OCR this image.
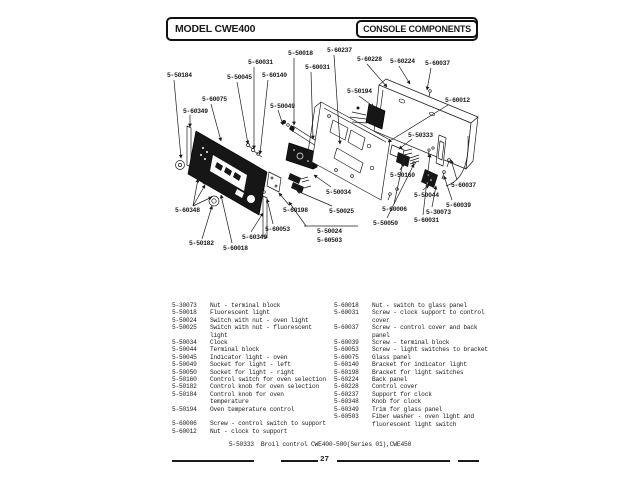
MODEL CWE400	CONSOLE COMPONENTS
5-50184
5-60075
5-60349
5-50045
5-60031
5-60140
5-50049
5-50018
5-60031
5-60237
5-60228 5-60224 5-60037
5-50194
5-60012
5-50333
5-60348
5-50182
5-60018
5-60349
5-60053
5-60198
5-50034
5-50025
5-50024
5-60503
5-50160
5-50044
5-60037
5-60039
5-30073
5-60031
5-60006
5-50050
5-30073	Nut - terminal block
5-50018	Fluorescent light
5-50024	Switch with nut - oven light
5-50025	Switch with nut - fluorescent
light
5-50034	Clock
5-50044	Terminal block
5-50045	Indicator light - oven
5-50049	Socket for light - left
5-50050	Socket for light - right
5-50160	Control switch for oven selection
5-50182	Control knob for oven selection
5-50184	Control knob for oven
temperature
5-50194	Oven temperature control
5-60006	Screw - control switch to support
5-60012	Nut - clock to support
5-60018	Nut - switch to glass panel
5-60031	Screw - clock support to control
cover
5-60037	Screw - control cover and back
panel
5-60039	Screw - terminal block
5-60053	Screw - light switches to bracket
5-60075	Glass panel
5-60140	Bracket for indicator light
5-60198	Bracket for light switches
5-60224	Back panel
5-60228	Control cover
5-60237	Support for clock
5-60348	Knob for clock
5-60349	Trim for glass panel
5-60503	Fiber washer - oven light and
fluorescent light switch
5-50333 Broil control CWE400-500(Series 01),CWE450
27
